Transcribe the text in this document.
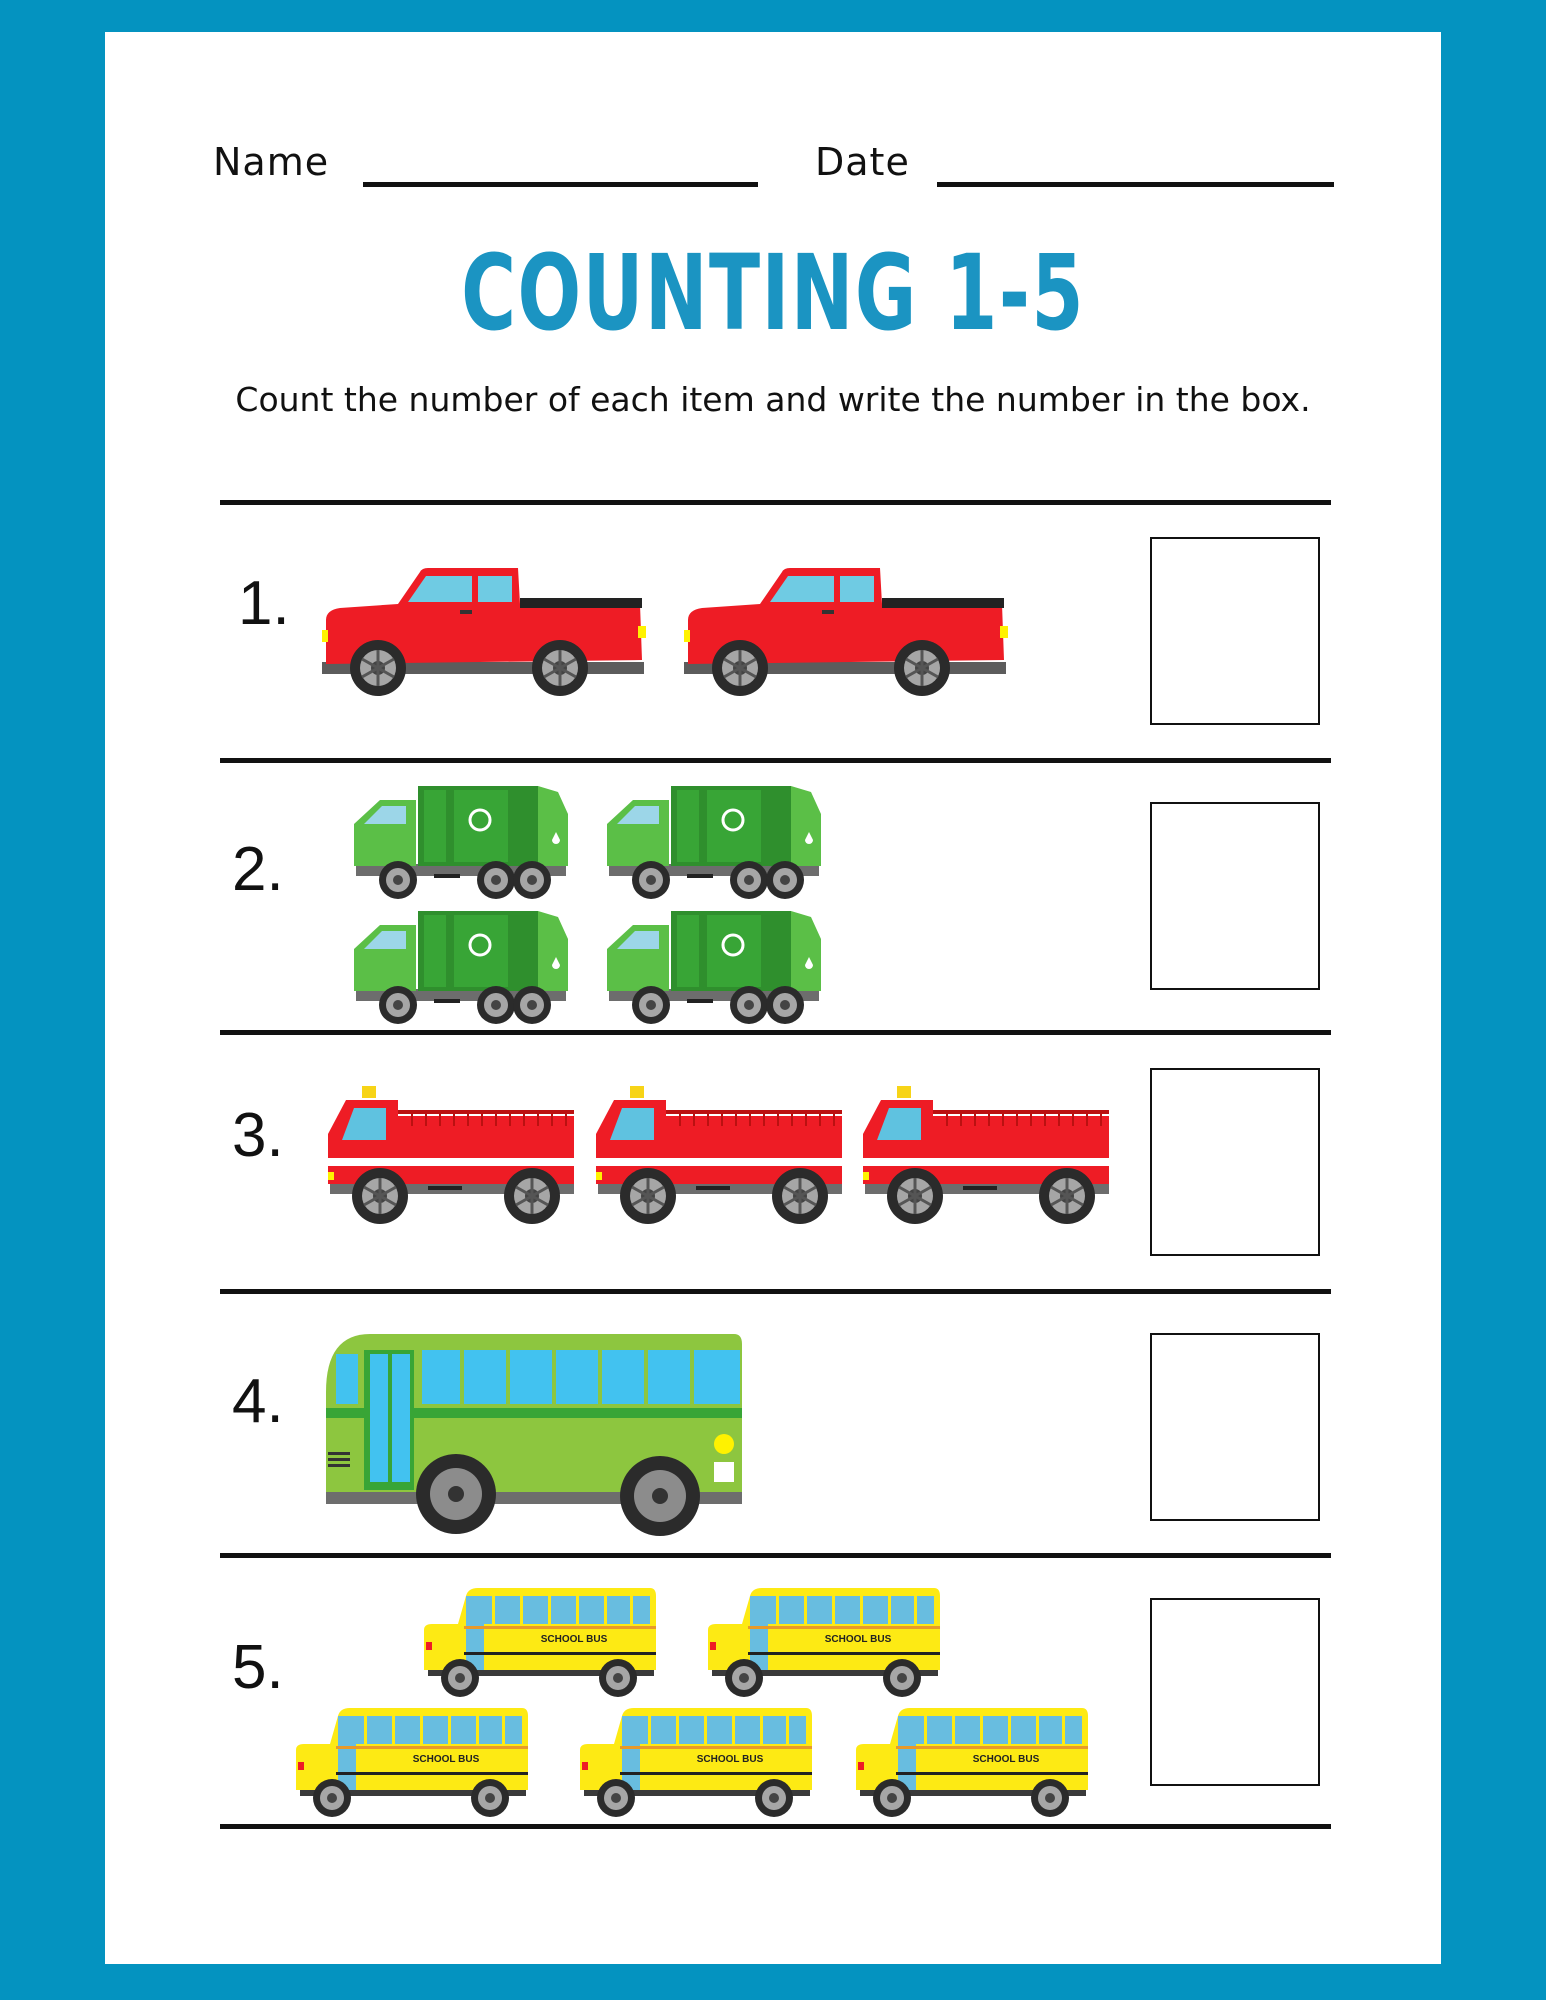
Name	Date
COUNTING 1-5
Count the number of each item and write the number in the box.
1.
2.
3.
4.
5.	SCHOOL BUS	SCHOOL BUS
SCHOOL BUS	SCHOOL BUS	SCHOOL BUS
